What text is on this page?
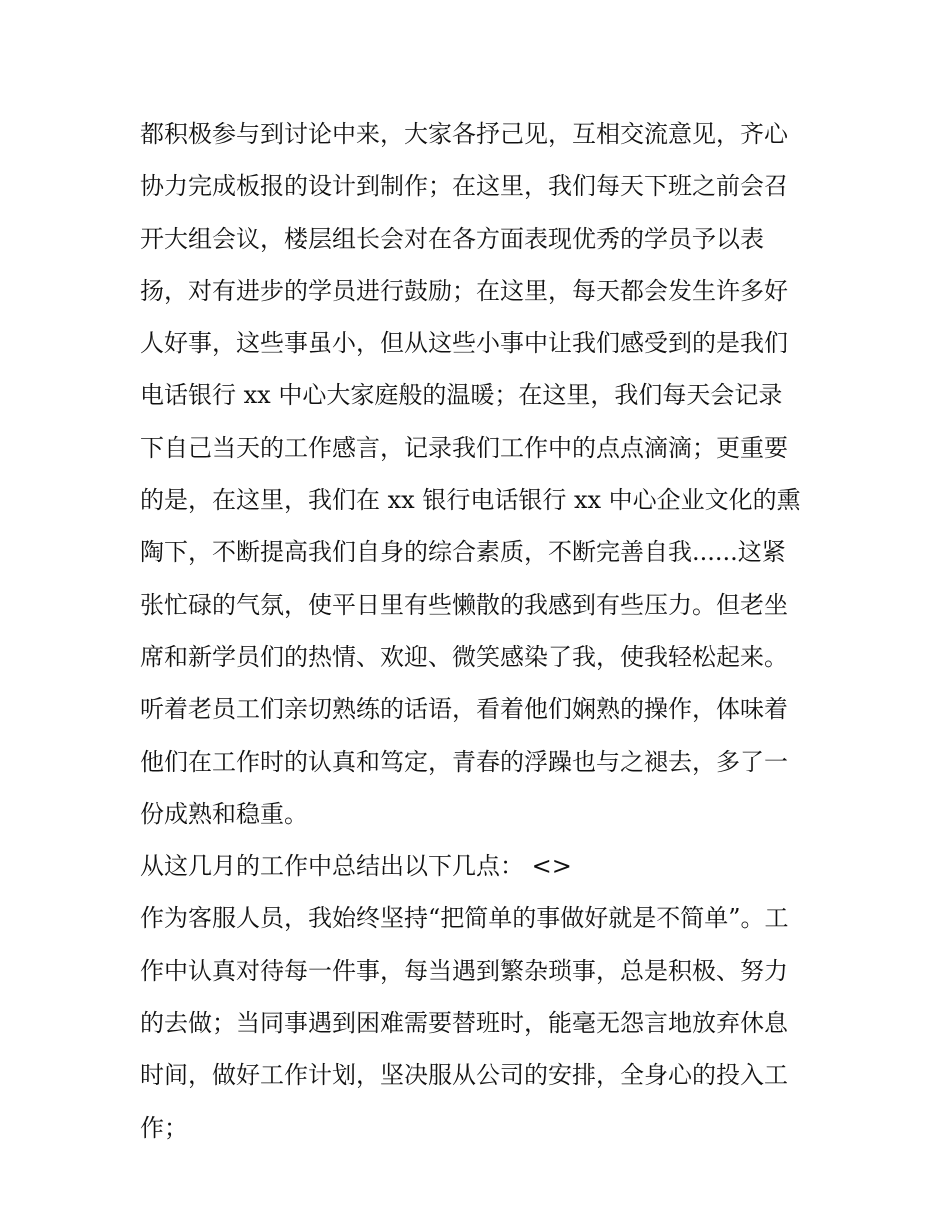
都积极参与到讨论中来，大家各抒己见，互相交流意见，齐心
协力完成板报的设计到制作；在这里，我们每天下班之前会召
开大组会议，楼层组长会对在各方面表现优秀的学员予以表
扬，对有进步的学员进行鼓励；在这里，每天都会发生许多好
人好事，这些事虽小，但从这些小事中让我们感受到的是我们
电话银行 xx 中心大家庭般的温暖；在这里，我们每天会记录
下自己当天的工作感言，记录我们工作中的点点滴滴；更重要
的是，在这里，我们在 xx 银行电话银行 xx 中心企业文化的熏
陶下，不断提高我们自身的综合素质，不断完善自我......这紧
张忙碌的气氛，使平日里有些懒散的我感到有些压力。但老坐
席和新学员们的热情、欢迎、微笑感染了我，使我轻松起来。
听着老员工们亲切熟练的话语，看着他们娴熟的操作，体味着
他们在工作时的认真和笃定，青春的浮躁也与之褪去，多了一
份成熟和稳重。
从这几月的工作中总结出以下几点： <>
作为客服人员，我始终坚持“把简单的事做好就是不简单”。工
作中认真对待每一件事，每当遇到繁杂琐事，总是积极、努力
的去做；当同事遇到困难需要替班时，能毫无怨言地放弃休息
时间，做好工作计划，坚决服从公司的安排，全身心的投入工
作；
